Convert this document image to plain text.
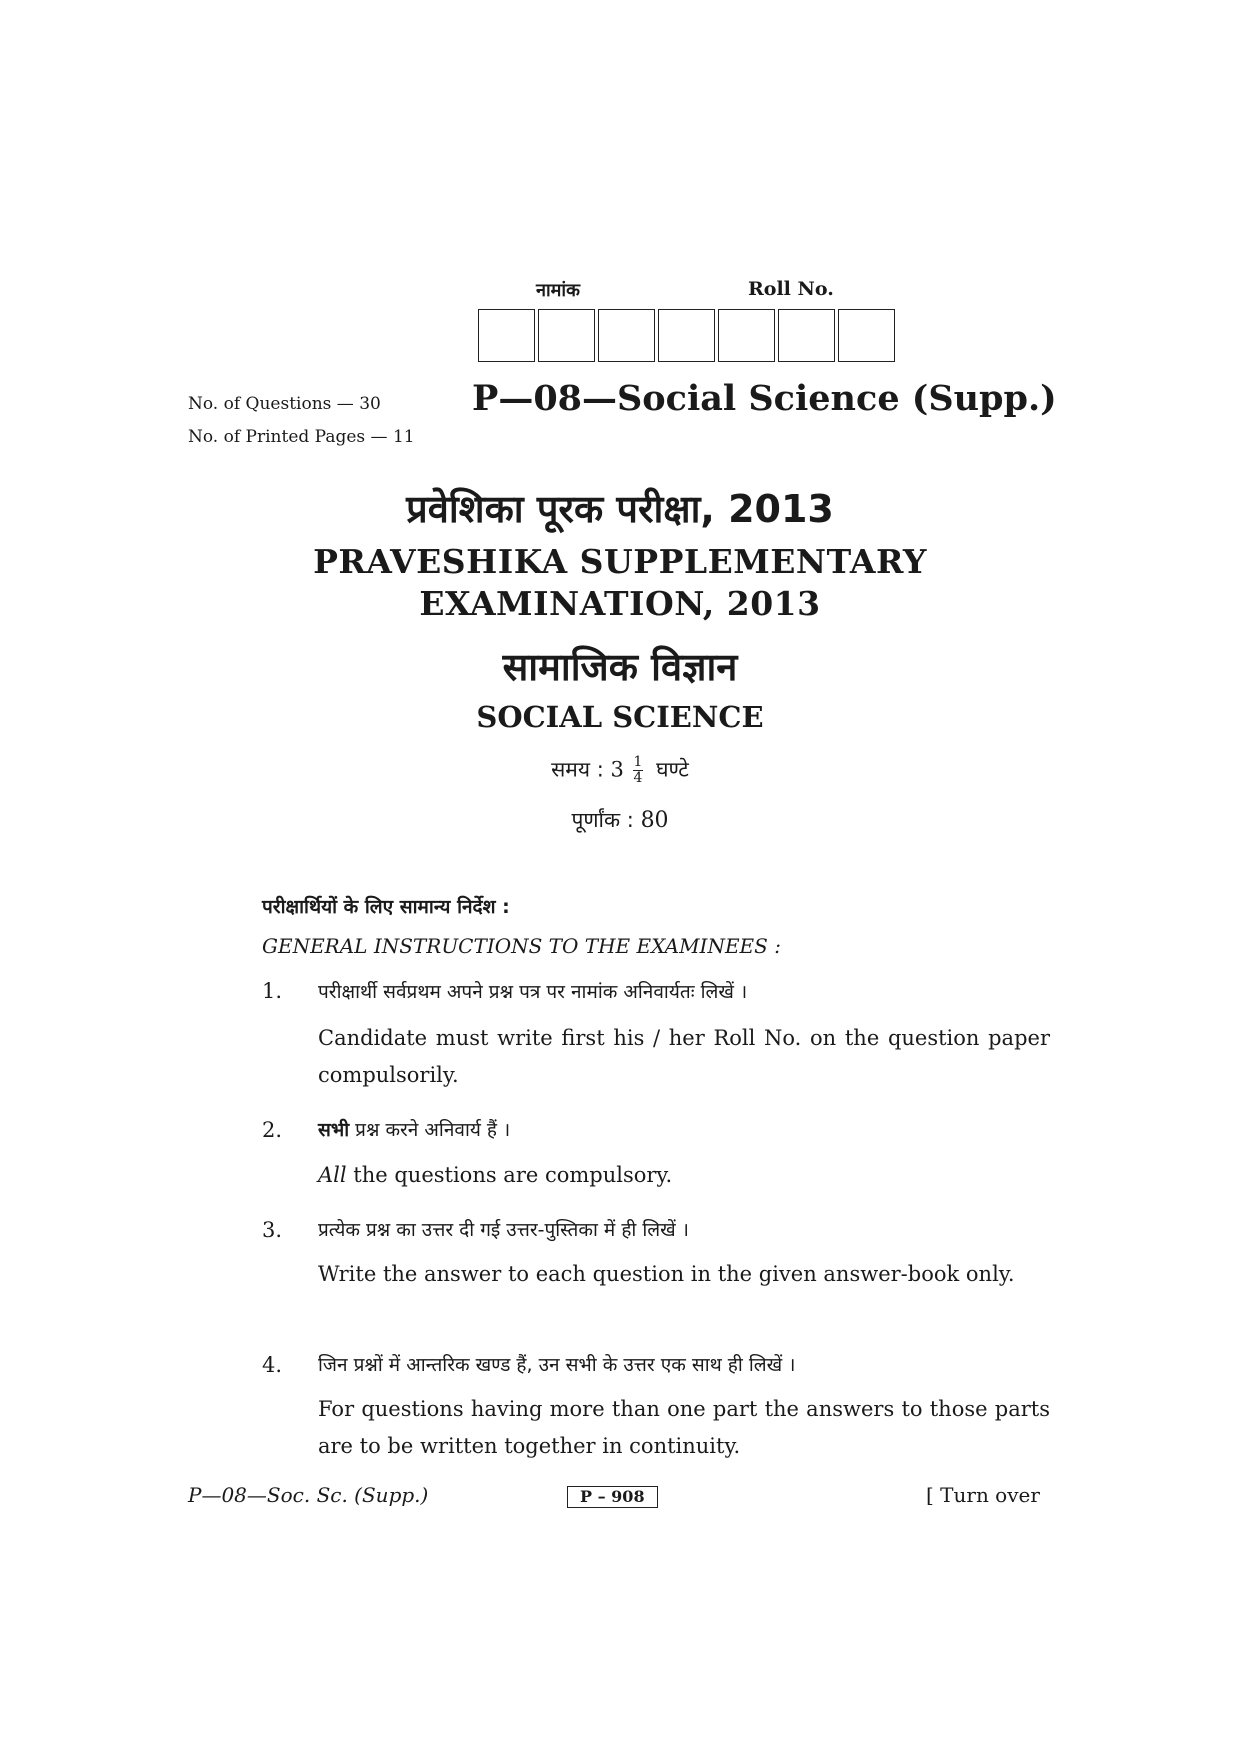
नामांक	Roll No.
No. of Questions — 30
No. of Printed Pages — 11
P—08—Social Science (Supp.)
प्रवेशिका पूरक परीक्षा, 2013
PRAVESHIKA SUPPLEMENTARY
EXAMINATION, 2013
सामाजिक विज्ञान
SOCIAL SCIENCE
समय : $3 \frac{1}{4}$ घण्टे
पूर्णांक : 80
परीक्षार्थियों के लिए सामान्य निर्देश :
GENERAL INSTRUCTIONS TO THE EXAMINEES :
1. परीक्षार्थी सर्वप्रथम अपने प्रश्न पत्र पर नामांक अनिवार्यतः लिखें ।
Candidate must write first his / her Roll No. on the question paper compulsorily.
2. सभी प्रश्न करने अनिवार्य हैं ।
All the questions are compulsory.
3. प्रत्येक प्रश्न का उत्तर दी गई उत्तर-पुस्तिका में ही लिखें ।
Write the answer to each question in the given answer-book only.
4. जिन प्रश्नों में आन्तरिक खण्ड हैं, उन सभी के उत्तर एक साथ ही लिखें ।
For questions having more than one part the answers to those parts are to be written together in continuity.
P—08—Soc. Sc. (Supp.)	P – 908	[ Turn over
